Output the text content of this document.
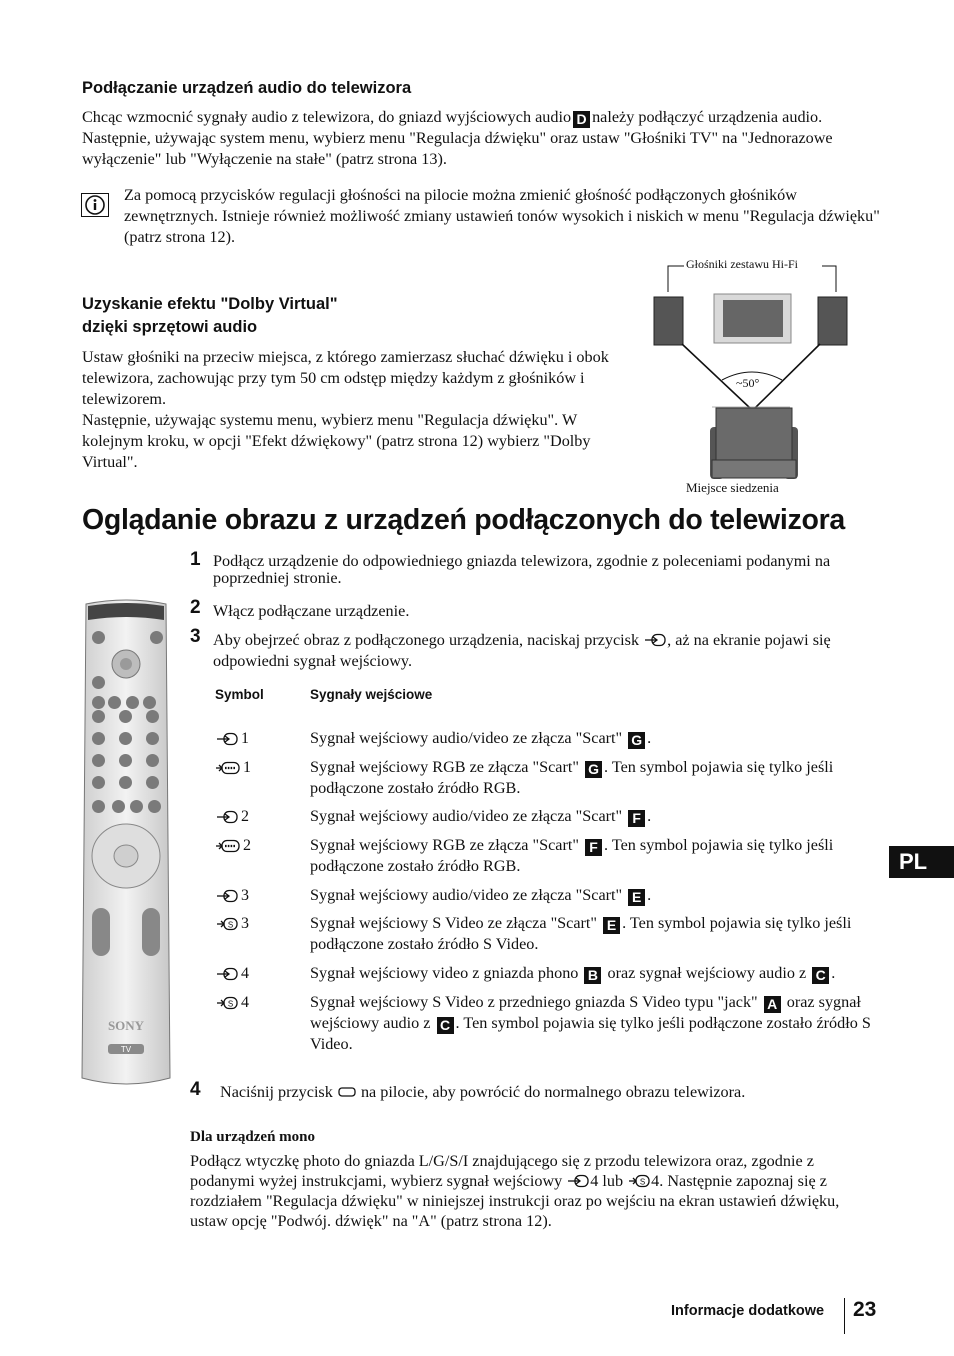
Podłączanie urządzeń audio do telewizora
Chcąc wzmocnić sygnały audio z telewizora, do gniazd wyjściowych audio D należy podłączyć urządzenia audio. Następnie, używając system menu, wybierz menu "Regulacja dźwięku" oraz ustaw "Głośniki TV" na "Jednorazowe wyłączenie" lub "Wyłączenie na stałe" (patrz strona 13).
Za pomocą przycisków regulacji głośności na pilocie można zmienić głośność podłączonych głośników zewnętrznych. Istnieje również możliwość zmiany ustawień tonów wysokich i niskich w menu "Regulacja dźwięku" (patrz strona 12).
Uzyskanie efektu "Dolby Virtual"
dzięki sprzętowi audio
Ustaw głośniki na przeciw miejsca, z którego zamierzasz słuchać dźwięku i obok telewizora, zachowując przy tym 50 cm odstęp między każdym z głośników i telewizorem.
Następnie, używając systemu menu, wybierz menu "Regulacja dźwięku". W kolejnym kroku, w opcji "Efekt dźwiękowy" (patrz strona 12) wybierz "Dolby Virtual".
Głośniki zestawu Hi-Fi
~50°
Miejsce siedzenia
Oglądanie obrazu z urządzeń podłączonych do telewizora
SONY
TV
1 Podłącz urządzenie do odpowiedniego gniazda telewizora, zgodnie z poleceniami podanymi na poprzedniej stronie.
2 Włącz podłączane urządzenie.
3 Aby obejrzeć obraz z podłączonego urządzenia, naciskaj przycisk , aż na ekranie pojawi się odpowiedni sygnał wejściowy.
Symbol	Sygnały wejściowe
1	Sygnał wejściowy audio/video ze złącza "Scart" G .
1	Sygnał wejściowy RGB ze złącza "Scart" G . Ten symbol pojawia się tylko jeśli podłączone zostało źródło RGB.
2	Sygnał wejściowy audio/video ze złącza "Scart" F .
2	Sygnał wejściowy RGB ze złącza "Scart" F . Ten symbol pojawia się tylko jeśli podłączone zostało źródło RGB.
3	Sygnał wejściowy audio/video ze złącza "Scart" E .
S 3	Sygnał wejściowy S Video ze złącza "Scart" E . Ten symbol pojawia się tylko jeśli podłączone zostało źródło S Video.
4	Sygnał wejściowy video z gniazda phono B oraz sygnał wejściowy audio z C .
S 4	Sygnał wejściowy S Video z przedniego gniazda S Video typu "jack" A oraz sygnał wejściowy audio z C . Ten symbol pojawia się tylko jeśli podłączone zostało źródło S Video.
4 Naciśnij przycisk na pilocie, aby powrócić do normalnego obrazu telewizora.
Dla urządzeń mono
Podłącz wtyczkę photo do gniazda L/G/S/I znajdującego się z przodu telewizora oraz, zgodnie z podanymi wyżej instrukcjami, wybierz sygnał wejściowy 4 lub S 4. Następnie zapoznaj się z rozdziałem "Regulacja dźwięku" w niniejszej instrukcji oraz po wejściu na ekran ustawień dźwięku, ustaw opcję "Podwój. dźwięk" na "A" (patrz strona 12).
PL
Informacje dodatkowe 23
